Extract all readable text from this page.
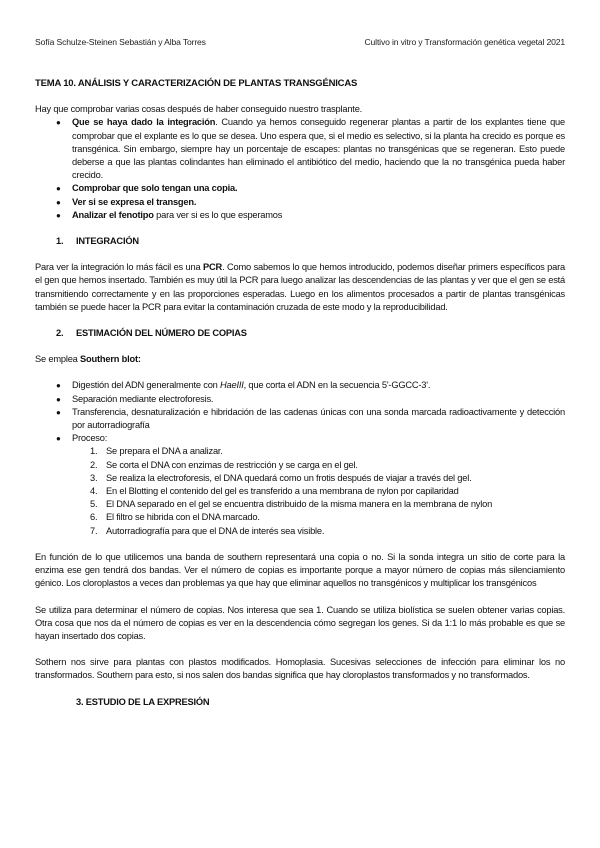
Sofía Schulze-Steinen Sebastián y Alba Torres	Cultivo in vitro y Transformación genética vegetal 2021

TEMA 10. ANÁLISIS Y CARACTERIZACIÓN DE PLANTAS TRANSGÉNICAS

Hay que comprobar varias cosas después de haber conseguido nuestro trasplante.

● Que se haya dado la integración. Cuando ya hemos conseguido regenerar plantas a partir de los explantes tiene que comprobar que el explante es lo que se desea. Uno espera que, si el medio es selectivo, si la planta ha crecido es porque es transgénica. Sin embargo, siempre hay un porcentaje de escapes: plantas no transgénicas que se regeneran. Esto puede deberse a que las plantas colindantes han eliminado el antibiótico del medio, haciendo que la no transgénica pueda haber crecido.
● Comprobar que solo tengan una copia.
● Ver si se expresa el transgen.
● Analizar el fenotipo para ver si es lo que esperamos
1. INTEGRACIÓN

Para ver la integración lo más fácil es una PCR. Como sabemos lo que hemos introducido, podemos diseñar primers específicos para el gen que hemos insertado. También es muy útil la PCR para luego analizar las descendencias de las plantas y ver que el gen se está transmitiendo correctamente y en las proporciones esperadas. Luego en los alimentos procesados a partir de plantas transgénicas también se puede hacer la PCR para evitar la contaminación cruzada de este modo y la reproducibilidad.

2. ESTIMACIÓN DEL NÚMERO DE COPIAS

Se emplea Southern blot:

● Digestión del ADN generalmente con HaeIII, que corta el ADN en la secuencia 5'-GGCC-3'.
● Separación mediante electroforesis.
● Transferencia, desnaturalización e hibridación de las cadenas únicas con una sonda marcada radioactivamente y detección por autorradiografía
● Proceso:
1. Se prepara el DNA a analizar.
2. Se corta el DNA con enzimas de restricción y se carga en el gel.
3. Se realiza la electroforesis, el DNA quedará como un frotis después de viajar a través del gel.
4. En el Blotting el contenido del gel es transferido a una membrana de nylon por capilaridad
5. El DNA separado en el gel se encuentra distribuido de la misma manera en la membrana de nylon
6. El filtro se hibrida con el DNA marcado.
7. Autorradiografía para que el DNA de interés sea visible.

En función de lo que utilicemos una banda de southern representará una copia o no. Si la sonda integra un sitio de corte para la enzima ese gen tendrá dos bandas. Ver el número de copias es importante porque a mayor número de copias más silenciamiento génico. Los cloroplastos a veces dan problemas ya que hay que eliminar aquellos no transgénicos y multiplicar los transgénicos

Se utiliza para determinar el número de copias. Nos interesa que sea 1. Cuando se utiliza biolística se suelen obtener varias copias. Otra cosa que nos da el número de copias es ver en la descendencia cómo segregan los genes. Si da 1:1 lo más probable es que se hayan insertado dos copias.

Sothern nos sirve para plantas con plastos modificados. Homoplasia. Sucesivas selecciones de infección para eliminar los no transformados. Southern para esto, si nos salen dos bandas significa que hay cloroplastos transformados y no transformados.

3. ESTUDIO DE LA EXPRESIÓN
